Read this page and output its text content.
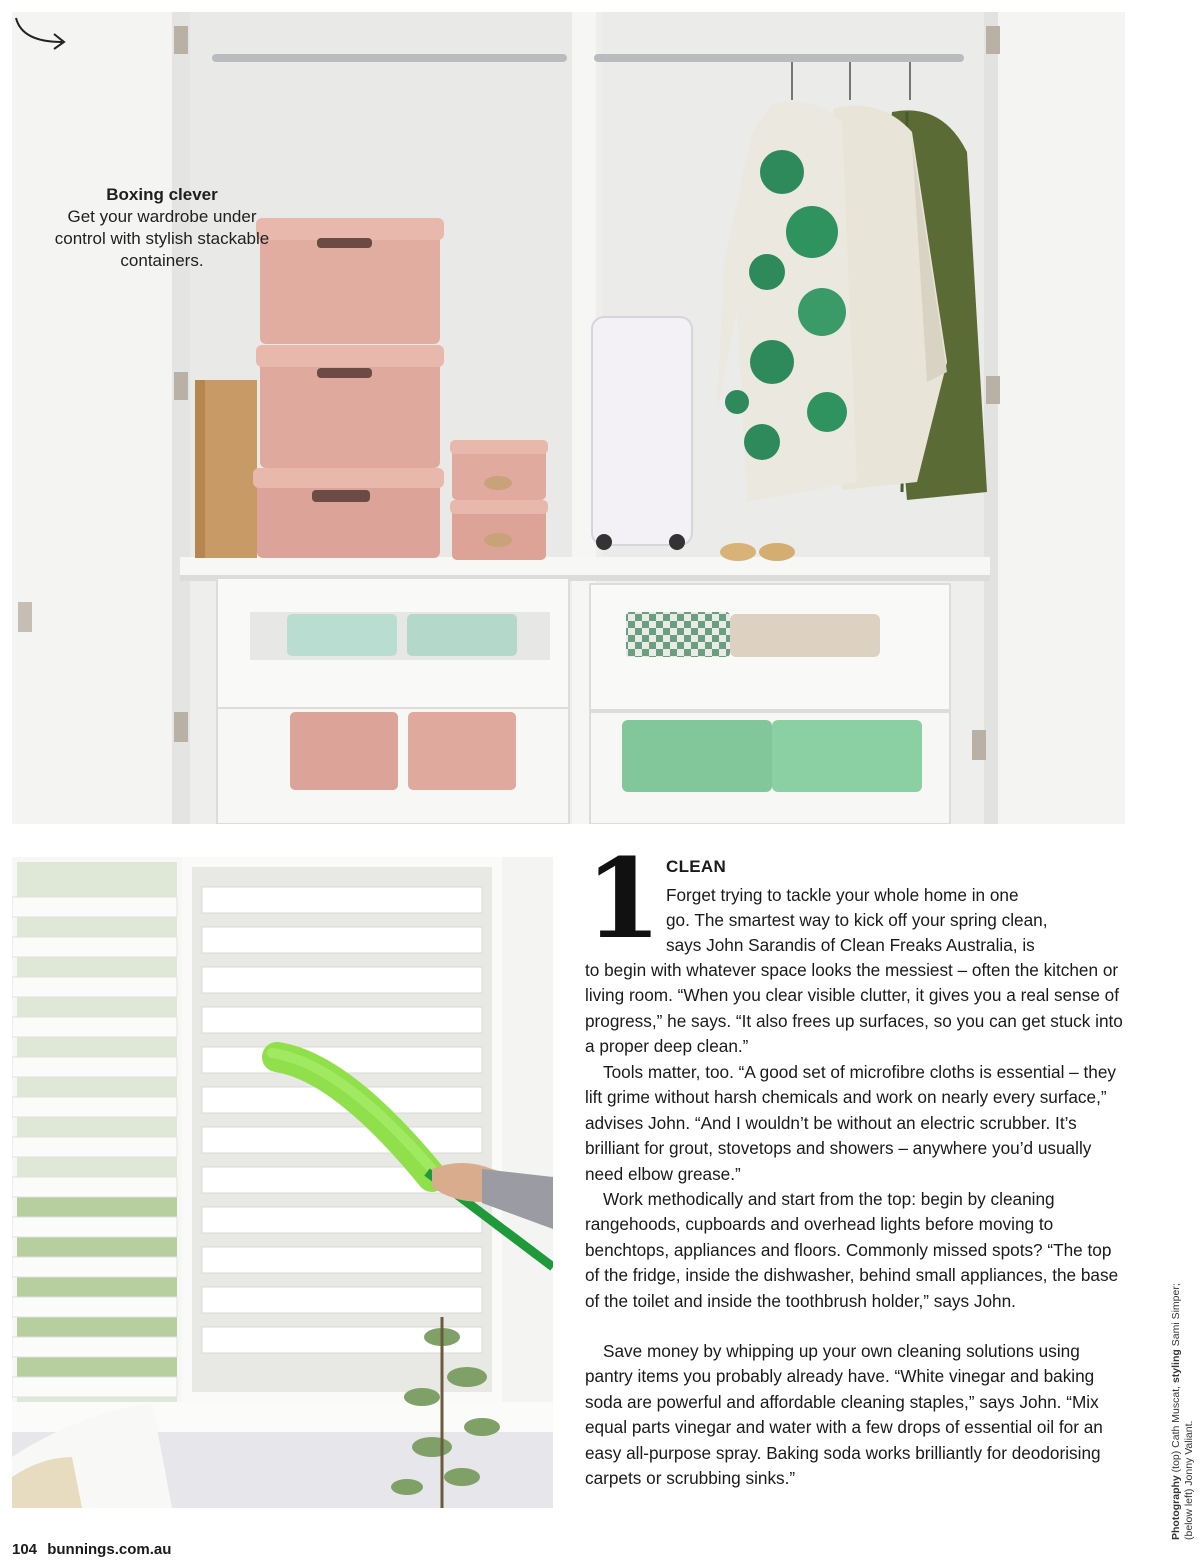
Boxing clever
Get your wardrobe under control with stylish stackable containers.
1 CLEAN
Forget trying to tackle your whole home in one
go. The smartest way to kick off your spring clean,
says John Sarandis of Clean Freaks Australia, is

to begin with whatever space looks the messiest – often the kitchen or living room. “When you clear visible clutter, it gives you a real sense of progress,” he says. “It also frees up surfaces, so you can get stuck into a proper deep clean.”

Tools matter, too. “A good set of microfibre cloths is essential – they lift grime without harsh chemicals and work on nearly every surface,” advises John. “And I wouldn’t be without an electric scrubber. It’s brilliant for grout, stovetops and showers – anywhere you’d usually need elbow grease.”

Work methodically and start from the top: begin by cleaning rangehoods, cupboards and overhead lights before moving to benchtops, appliances and floors. Commonly missed spots? “The top of the fridge, inside the dishwasher, behind small appliances, the base of the toilet and inside the toothbrush holder,” says John.

Save money by whipping up your own cleaning solutions using pantry items you probably already have. “White vinegar and baking soda are powerful and affordable cleaning staples,” says John. “Mix equal parts vinegar and water with a few drops of essential oil for an easy all-purpose spray. Baking soda works brilliantly for deodorising carpets or scrubbing sinks.”	Photography (top) Cath Muscat, styling Sami Simper;
(below left) Jonny Valiant.
104 bunnings.com.au
